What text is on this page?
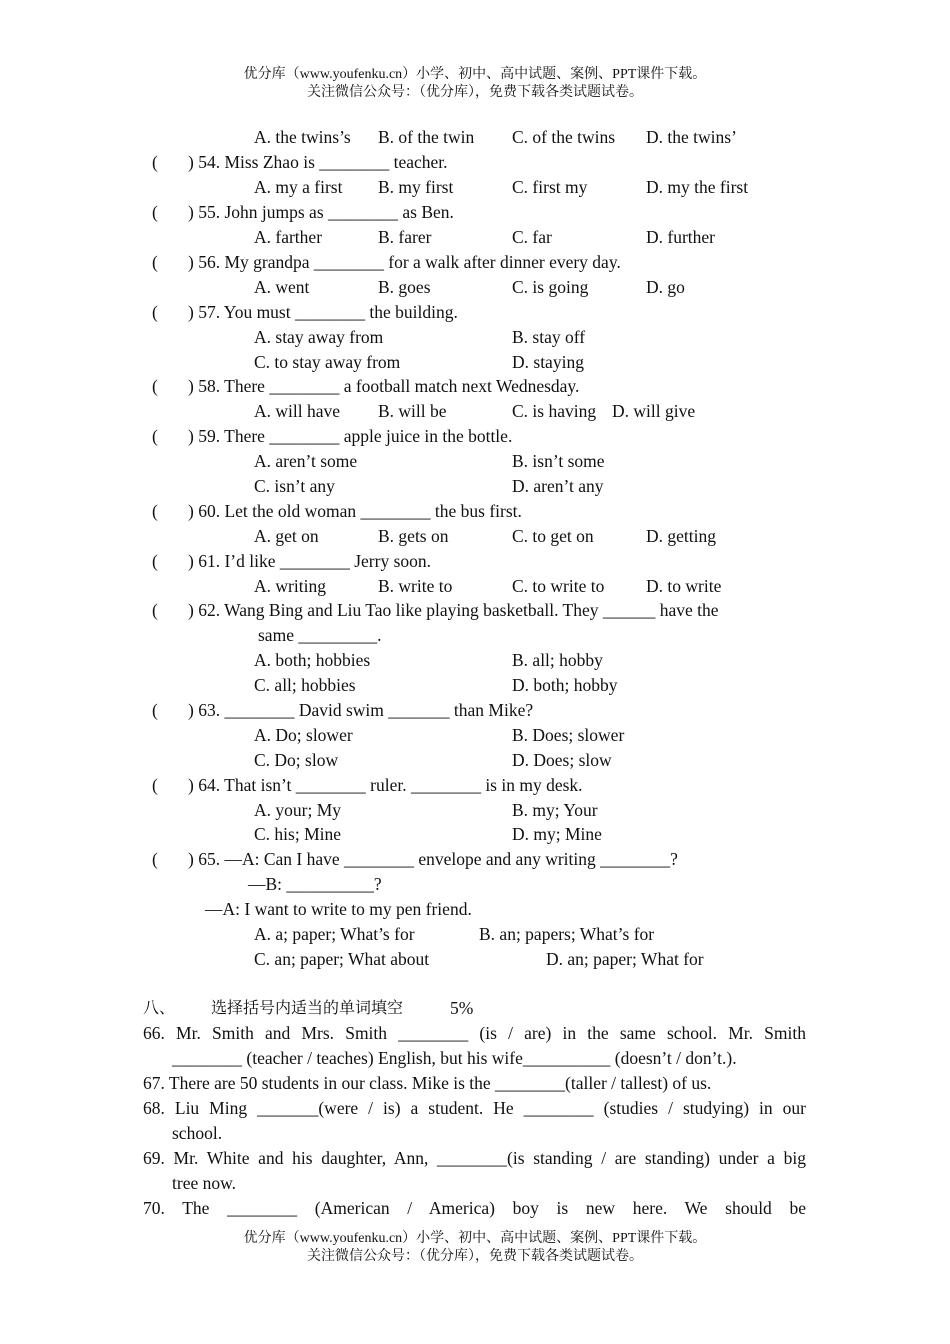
优分库（www.youfenku.cn）小学、初中、高中试题、案例、PPT课件下载。
关注微信公众号：（优分库），免费下载各类试题试卷。
A. the twins’s B. of the twin C. of the twins D. the twins’
( ) 54. Miss Zhao is ________ teacher.
A. my a first B. my first	C. first my	D. my the first
( ) 55. John jumps as ________ as Ben.
A. farther	B. farer	C. far	D. further
( ) 56. My grandpa ________ for a walk after dinner every day.
A. went	B. goes	C. is going	D. go
( ) 57. You must ________ the building.
A. stay away from	B. stay off
C. to stay away from	D. staying
( ) 58. There ________ a football match next Wednesday.
A. will have B. will be	C. is having D. will give
( ) 59. There ________ apple juice in the bottle.
A. aren’t some	B. isn’t some
C. isn’t any	D. aren’t any
( ) 60. Let the old woman ________ the bus first.
A. get on	B. gets on	C. to get on	D. getting
( ) 61. I’d like ________ Jerry soon.
A. writing	B. write to	C. to write to D. to write
( ) 62. Wang Bing and Liu Tao like playing basketball. They ______ have the
same _________.
A. both; hobbies	B. all; hobby
C. all; hobbies	D. both; hobby
( ) 63. ________ David swim _______ than Mike?
A. Do; slower	B. Does; slower
C. Do; slow	D. Does; slow
( ) 64. That isn’t ________ ruler. ________ is in my desk.
A. your; My	B. my; Your
C. his; Mine	D. my; Mine
( ) 65. —A: Can I have ________ envelope and any writing ________?
—B: __________?
—A: I want to write to my pen friend.
A. a; paper; What’s for	B. an; papers; What’s for
C. an; paper; What about	D. an; paper; What for
八、 选择括号内适当的单词填空	5%
66. Mr. Smith and Mrs. Smith ________ (is / are) in the same school. Mr. Smith
________ (teacher / teaches) English, but his wife__________ (doesn’t / don’t.).
67. There are 50 students in our class. Mike is the ________(taller / tallest) of us.
68. Liu Ming _______(were / is) a student. He ________ (studies / studying) in our
school.
69. Mr. White and his daughter, Ann, ________(is standing / are standing) under a big
tree now.
70. The ________ (American / America) boy is new here. We should be
优分库（www.youfenku.cn）小学、初中、高中试题、案例、PPT课件下载。
关注微信公众号：（优分库），免费下载各类试题试卷。
